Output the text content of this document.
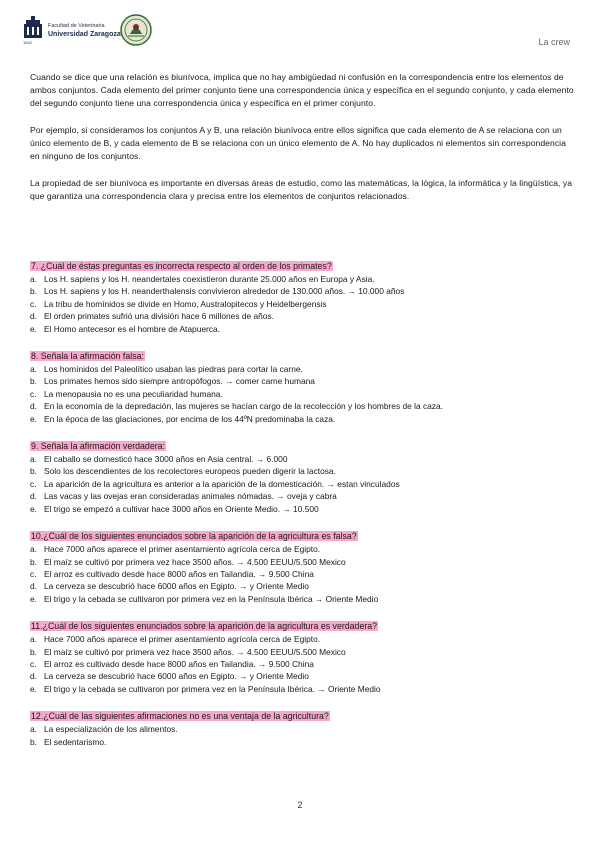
1542
Facultad de Veterinaria
Universidad Zaragoza
La crew

Cuando se dice que una relación es biunívoca, implica que no hay ambigüedad ni confusión en la correspondencia entre los elementos de ambos conjuntos. Cada elemento del primer conjunto tiene una correspondencia única y específica en el segundo conjunto, y cada elemento del segundo conjunto tiene una correspondencia única y específica en el primer conjunto.

Por ejemplo, si consideramos los conjuntos A y B, una relación biunívoca entre ellos significa que cada elemento de A se relaciona con un único elemento de B, y cada elemento de B se relaciona con un único elemento de A. No hay duplicados ni elementos sin correspondencia en ninguno de los conjuntos.

La propiedad de ser biunívoca es importante en diversas áreas de estudio, como las matemáticas, la lógica, la informática y la lingüística, ya que garantiza una correspondencia clara y precisa entre los elementos de conjuntos relacionados.

7. ¿Cuál de éstas preguntas es incorrecta respecto al orden de los primates?
a. Los H. sapiens y los H. neandertales coexistieron durante 25.000 años en Europa y Asia.
b. Los H. sapiens y los H. neanderthalensis convivieron alrededor de 130.000 años. → 10.000 años
c. La tribu de homínidos se divide en Homo, Australopitecos y Heidelbergensis
d. El orden primates sufrió una división hace 6 millones de años.
e. El Homo antecesor es el hombre de Atapuerca.
8. Señala la afirmación falsa:
a. Los homínidos del Paleolítico usaban las piedras para cortar la carne.
b. Los primates hemos sido siempre antropófogos. → comer carne humana
c. La menopausia no es una peculiaridad humana.
d. En la economía de la depredación, las mujeres se hacían cargo de la recolección y los hombres de la caza.
e. En la época de las glaciaciones, por encima de los 44ºN predominaba la caza.
9. Señala la afirmación verdadera:
a. El caballo se domesticó hace 3000 años en Asia central. → 6.000
b. Solo los descendientes de los recolectores europeos pueden digerir la lactosa.
c. La aparición de la agricultura es anterior a la aparición de la domesticación. → estan vinculados
d. Las vacas y las ovejas eran consideradas animales nómadas. → oveja y cabra
e. El trigo se empezó a cultivar hace 3000 años en Oriente Medio. → 10.500
10.¿Cuál de los siguientes enunciados sobre la aparición de la agricultura es falsa?
a. Hace 7000 años aparece el primer asentamiento agrícola cerca de Egipto.
b. El maíz se cultivó por primera vez hace 3500 años. → 4.500 EEUU/5.500 Mexico
c. El arroz es cultivado desde hace 8000 años en Tailandia. → 9.500 China
d. La cerveza se descubrió hace 6000 años en Egipto. → y Oriente Medio
e. El trigo y la cebada se cultivaron por primera vez en la Península Ibérica → Oriente Medio
11.¿Cuál de los siguientes enunciados sobre la aparición de la agricultura es verdadera?
a. Hace 7000 años aparece el primer asentamiento agrícola cerca de Egipto.
b. El maíz se cultivó por primera vez hace 3500 años. → 4.500 EEUU/5.500 Mexico
c. El arroz es cultivado desde hace 8000 años en Tailandia. → 9.500 China
d. La cerveza se descubrió hace 6000 años en Egipto. → y Oriente Medio
e. El trigo y la cebada se cultivaron por primera vez en la Península Ibérica. → Oriente Medio
12.¿Cuál de las siguientes afirmaciones no es una ventaja de la agricultura?
a. La especialización de los alimentos.
b. El sedentarismo.
2
